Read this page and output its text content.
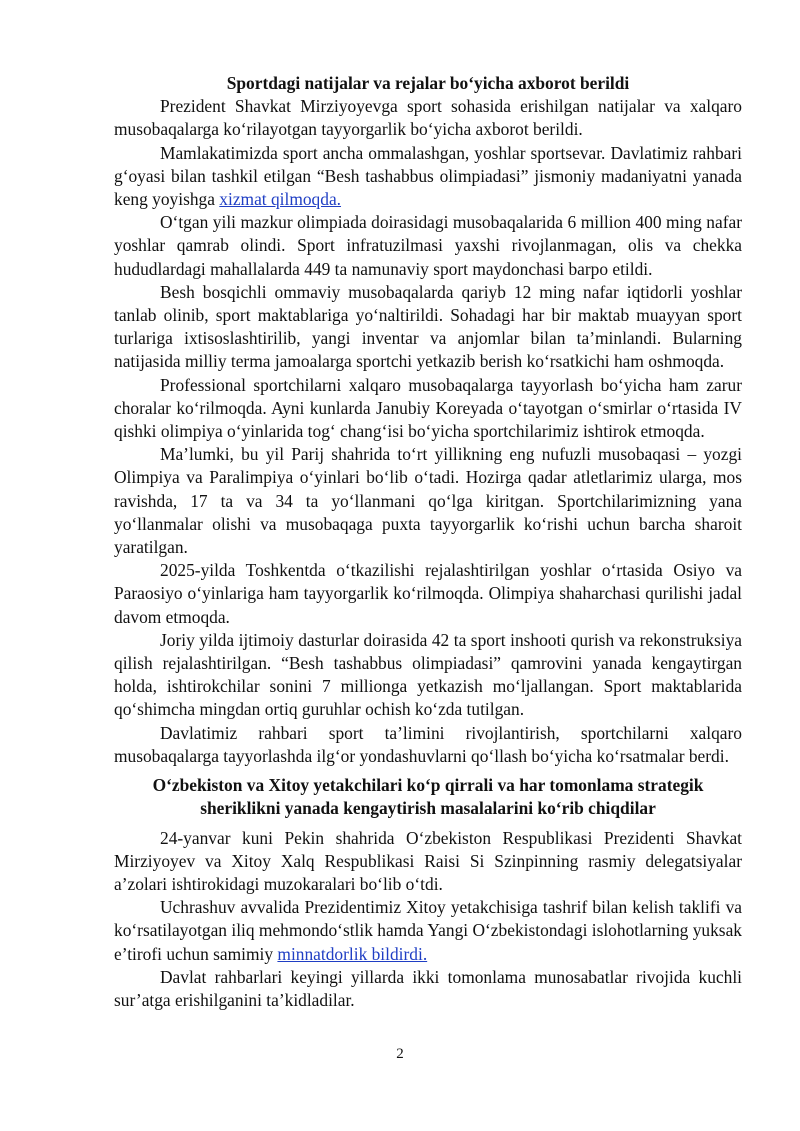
Sportdagi natijalar va rejalar bo‘yicha axborot berildi

Prezident Shavkat Mirziyoyevga sport sohasida erishilgan natijalar va xalqaro musobaqalarga ko‘rilayotgan tayyorgarlik bo‘yicha axborot berildi.

Mamlakatimizda sport ancha ommalashgan, yoshlar sportsevar. Davlatimiz rahbari g‘oyasi bilan tashkil etilgan “Besh tashabbus olimpiadasi” jismoniy madaniyatni yanada keng yoyishga xizmat qilmoqda.

O‘tgan yili mazkur olimpiada doirasidagi musobaqalarida 6 million 400 ming nafar yoshlar qamrab olindi. Sport infratuzilmasi yaxshi rivojlanmagan, olis va chekka hududlardagi mahallalarda 449 ta namunaviy sport maydonchasi barpo etildi.

Besh bosqichli ommaviy musobaqalarda qariyb 12 ming nafar iqtidorli yoshlar tanlab olinib, sport maktablariga yo‘naltirildi. Sohadagi har bir maktab muayyan sport turlariga ixtisoslashtirilib, yangi inventar va anjomlar bilan ta’minlandi. Bularning natijasida milliy terma jamoalarga sportchi yetkazib berish ko‘rsatkichi ham oshmoqda.

Professional sportchilarni xalqaro musobaqalarga tayyorlash bo‘yicha ham zarur choralar ko‘rilmoqda. Ayni kunlarda Janubiy Koreyada o‘tayotgan o‘smirlar o‘rtasida IV qishki olimpiya o‘yinlarida tog‘ chang‘isi bo‘yicha sportchilarimiz ishtirok etmoqda.

Ma’lumki, bu yil Parij shahrida to‘rt yillikning eng nufuzli musobaqasi – yozgi Olimpiya va Paralimpiya o‘yinlari bo‘lib o‘tadi. Hozirga qadar atletlarimiz ularga, mos ravishda, 17 ta va 34 ta yo‘llanmani qo‘lga kiritgan. Sportchilarimizning yana yo‘llanmalar olishi va musobaqaga puxta tayyorgarlik ko‘rishi uchun barcha sharoit yaratilgan.

2025-yilda Toshkentda o‘tkazilishi rejalashtirilgan yoshlar o‘rtasida Osiyo va Paraosiyo o‘yinlariga ham tayyorgarlik ko‘rilmoqda. Olimpiya shaharchasi qurilishi jadal davom etmoqda.

Joriy yilda ijtimoiy dasturlar doirasida 42 ta sport inshooti qurish va rekonstruksiya qilish rejalashtirilgan. “Besh tashabbus olimpiadasi” qamrovini yanada kengaytirgan holda, ishtirokchilar sonini 7 millionga yetkazish mo‘ljallangan. Sport maktablarida qo‘shimcha mingdan ortiq guruhlar ochish ko‘zda tutilgan.

Davlatimiz rahbari sport ta’limini rivojlantirish, sportchilarni xalqaro musobaqalarga tayyorlashda ilg‘or yondashuvlarni qo‘llash bo‘yicha ko‘rsatmalar berdi.

O‘zbekiston va Xitoy yetakchilari ko‘p qirrali va har tomonlama strategik
sheriklikni yanada kengaytirish masalalarini ko‘rib chiqdilar

24-yanvar kuni Pekin shahrida O‘zbekiston Respublikasi Prezidenti Shavkat Mirziyoyev va Xitoy Xalq Respublikasi Raisi Si Szinpinning rasmiy delegatsiyalar a’zolari ishtirokidagi muzokaralari bo‘lib o‘tdi.

Uchrashuv avvalida Prezidentimiz Xitoy yetakchisiga tashrif bilan kelish taklifi va ko‘rsatilayotgan iliq mehmondo‘stlik hamda Yangi O‘zbekistondagi islohotlarning yuksak e’tirofi uchun samimiy minnatdorlik bildirdi.

Davlat rahbarlari keyingi yillarda ikki tomonlama munosabatlar rivojida kuchli sur’atga erishilganini ta’kidladilar.

2
